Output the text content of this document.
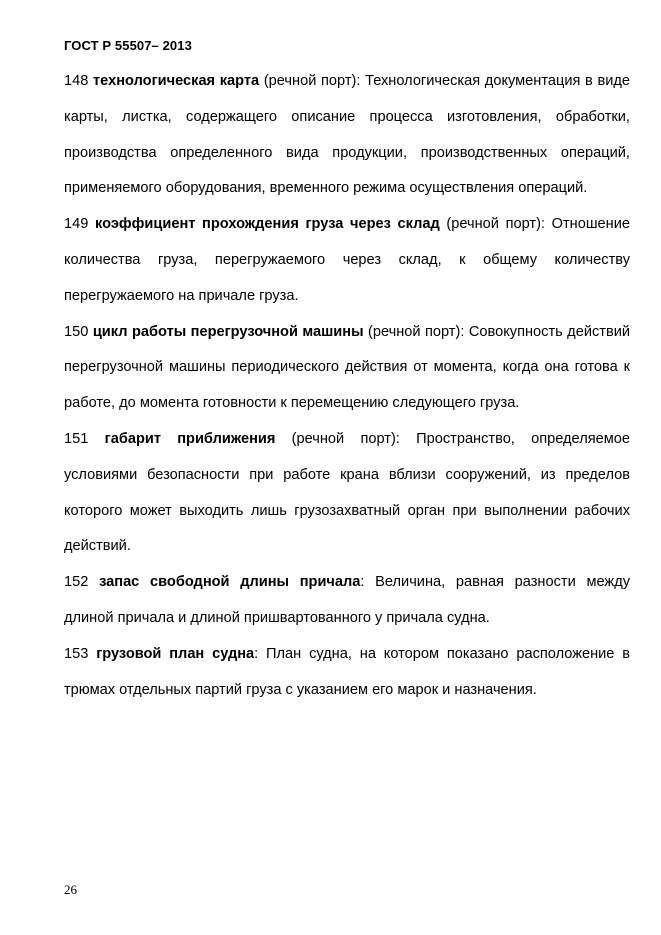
ГОСТ Р 55507– 2013

148 технологическая карта (речной порт): Технологическая документация в виде карты, листка, содержащего описание процесса изготовления, обработки, производства определенного вида продукции, производственных операций, применяемого оборудования, временного режима осуществления операций.

149 коэффициент прохождения груза через склад (речной порт): Отношение количества груза, перегружаемого через склад, к общему количеству перегружаемого на причале груза.

150 цикл работы перегрузочной машины (речной порт): Совокупность действий перегрузочной машины периодического действия от момента, когда она готова к работе, до момента готовности к перемещению следующего груза.

151 габарит приближения (речной порт): Пространство, определяемое условиями безопасности при работе крана вблизи сооружений, из пределов которого может выходить лишь грузозахватный орган при выполнении рабочих действий.

152 запас свободной длины причала: Величина, равная разности между длиной причала и длиной пришвартованного у причала судна.

153 грузовой план судна: План судна, на котором показано расположение в трюмах отдельных партий груза с указанием его марок и назначения.

26
